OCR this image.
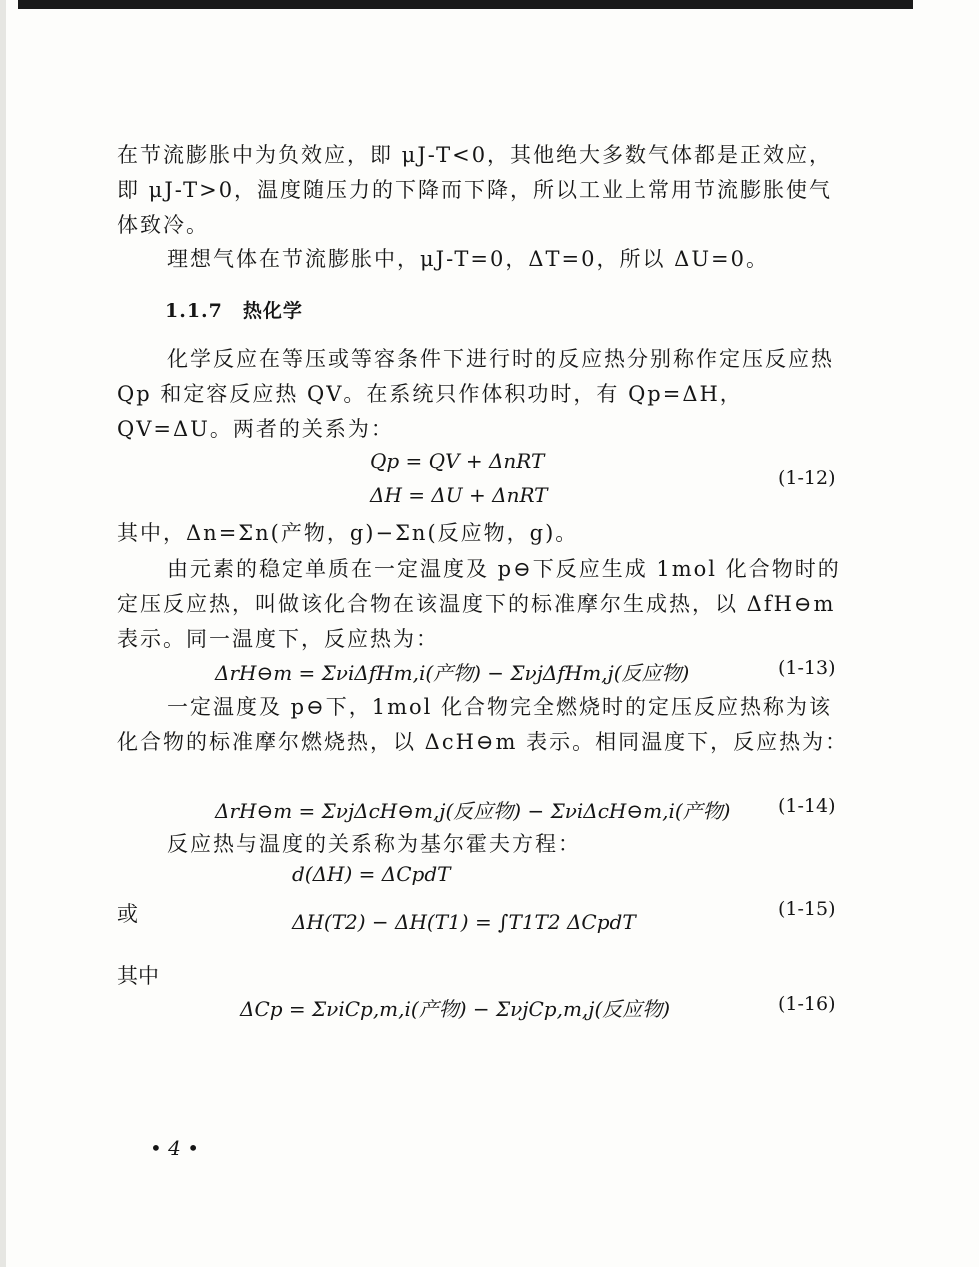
在节流膨胀中为负效应，即 μJ-T<0，其他绝大多数气体都是正效应，即 μJ-T>0，温度随压力的下降而下降，所以工业上常用节流膨胀使气体致冷。
理想气体在节流膨胀中，μJ-T=0，ΔT=0，所以 ΔU=0。
1.1.7　热化学
化学反应在等压或等容条件下进行时的反应热分别称作定压反应热 Qp 和定容反应热 QV。在系统只作体积功时，有 Qp=ΔH，QV=ΔU。两者的关系为：
Qp = QV + ΔnRT
ΔH = ΔU + ΔnRT
(1-12)
其中，Δn=Σn(产物，g)−Σn(反应物，g)。
由元素的稳定单质在一定温度及 p⊖下反应生成 1mol 化合物时的定压反应热，叫做该化合物在该温度下的标准摩尔生成热，以 ΔfH⊖m 表示。同一温度下，反应热为：
ΔrH⊖m = ΣνiΔfHm,i(产物) − ΣνjΔfHm,j(反应物)	(1-13)
一定温度及 p⊖下，1mol 化合物完全燃烧时的定压反应热称为该化合物的标准摩尔燃烧热，以 ΔcH⊖m 表示。相同温度下，反应热为：
ΔrH⊖m = ΣνjΔcH⊖m,j(反应物) − ΣνiΔcH⊖m,i(产物)	(1-14)
反应热与温度的关系称为基尔霍夫方程：
d(ΔH) = ΔCpdT
或	ΔH(T2) − ΔH(T1) = ∫T1T2 ΔCpdT
(1-15)
其中
ΔCp = ΣνiCp,m,i(产物) − ΣνjCp,m,j(反应物)	(1-16)
• 4 •
